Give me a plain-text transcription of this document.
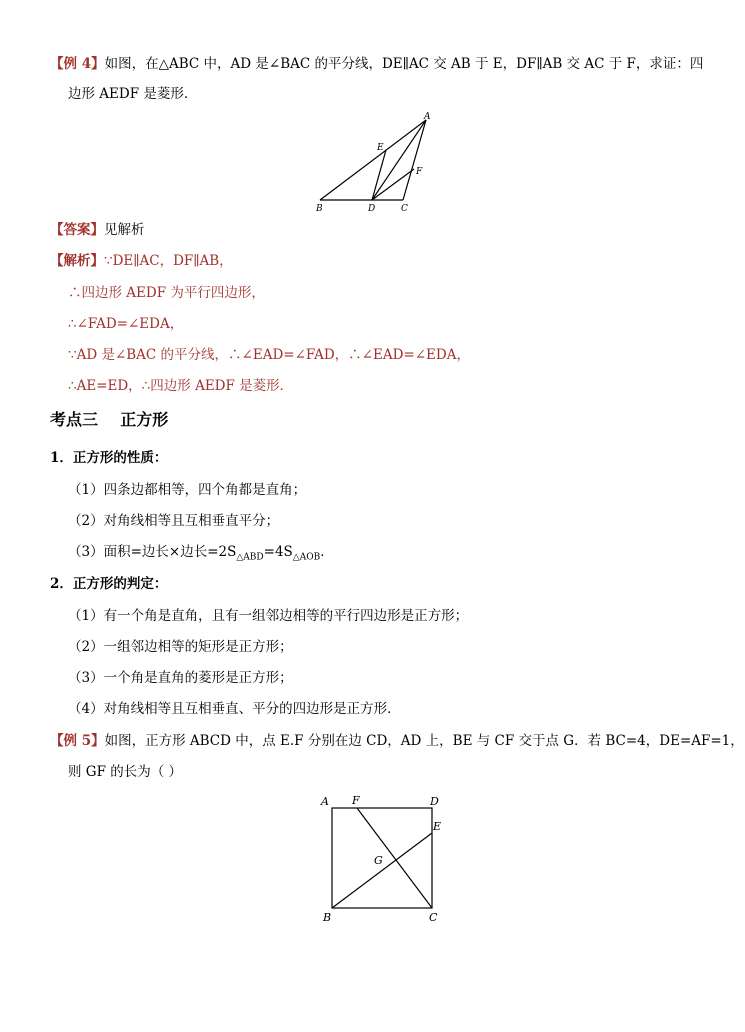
【例 4】如图，在△ABC 中，AD 是∠BAC 的平分线，DE∥AC 交 AB 于 E，DF∥AB 交 AC 于 F，求证：四
边形 AEDF 是菱形．
A
E
F
B	D	C
【答案】见解析
【解析】∵DE∥AC，DF∥AB，
∴四边形 AEDF 为平行四边形，
∴∠FAD=∠EDA，
∵AD 是∠BAC 的平分线，∴∠EAD=∠FAD，∴∠EAD=∠EDA，
∴AE=ED，∴四边形 AEDF 是菱形．
考点三    正方形
1．正方形的性质：
（1）四条边都相等，四个角都是直角；
（2）对角线相等且互相垂直平分；
（3）面积=边长×边长$=2S_{\triangle ABD}=4S_{\triangle AOB}$．
2．正方形的判定：
（1）有一个角是直角，且有一组邻边相等的平行四边形是正方形；
（2）一组邻边相等的矩形是正方形；
（3）一个角是直角的菱形是正方形；
（4）对角线相等且互相垂直、平分的四边形是正方形．
【例 5】如图，正方形 ABCD 中，点 E.F 分别在边 CD，AD 上，BE 与 CF 交于点 G．若 BC=4，DE=AF=1，
则 GF 的长为（ ）
A F	D
E
G
B	C
